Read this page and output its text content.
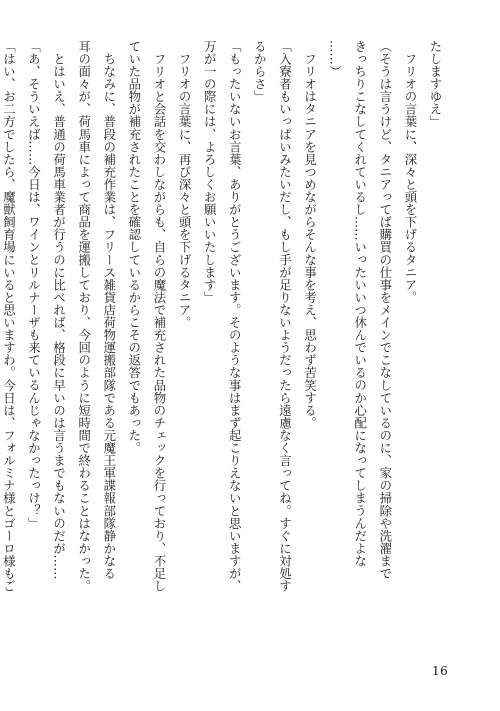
たしますゆえ」
　フリオの言葉に、深々と頭を下げるタニア。
（そうは言うけど、タニアってば購買の仕事をメインでこなしているのに、家の掃除や洗濯まで
きっちりこなしてくれているし……いったいいつ休んでいるのか心配になってしまうんだよな
……）
　フリオはタニアを見つめながらそんな事を考え、思わず苦笑する。
「入寮者もいっぱいみたいだし、もし手が足りないようだったら遠慮なく言ってね。すぐに対処す
るからさ」
「もったいないお言葉、ありがとうございます。そのような事はまず起こりえないと思いますが、
万が一の際には、よろしくお願いいたします」
　フリオの言葉に、再び深々と頭を下げるタニア。
　フリオと会話を交わしながらも、自らの魔法で補充された品物のチェックを行っており、不足し
ていた品物が補充されたことを確認しているからこその返答でもあった。
　ちなみに、普段の補充作業は、フリース雑貨店荷物運搬部隊である元魔王軍諜報部隊静かなる
耳の面々が、荷馬車によって商品を運搬しており、今回のように短時間で終わることはなかった。
　とはいえ、普通の荷馬車業者が行うのに比べれば、格段に早いのは言うまでもないのだが……
「あ、そういえば……今日は、ワインとリルナーザも来ているんじゃなかったっけ？」
「はい、お二方でしたら、魔獣飼育場にいると思いますわ。今日は、フォルミナ様とゴーロ様もご
16
